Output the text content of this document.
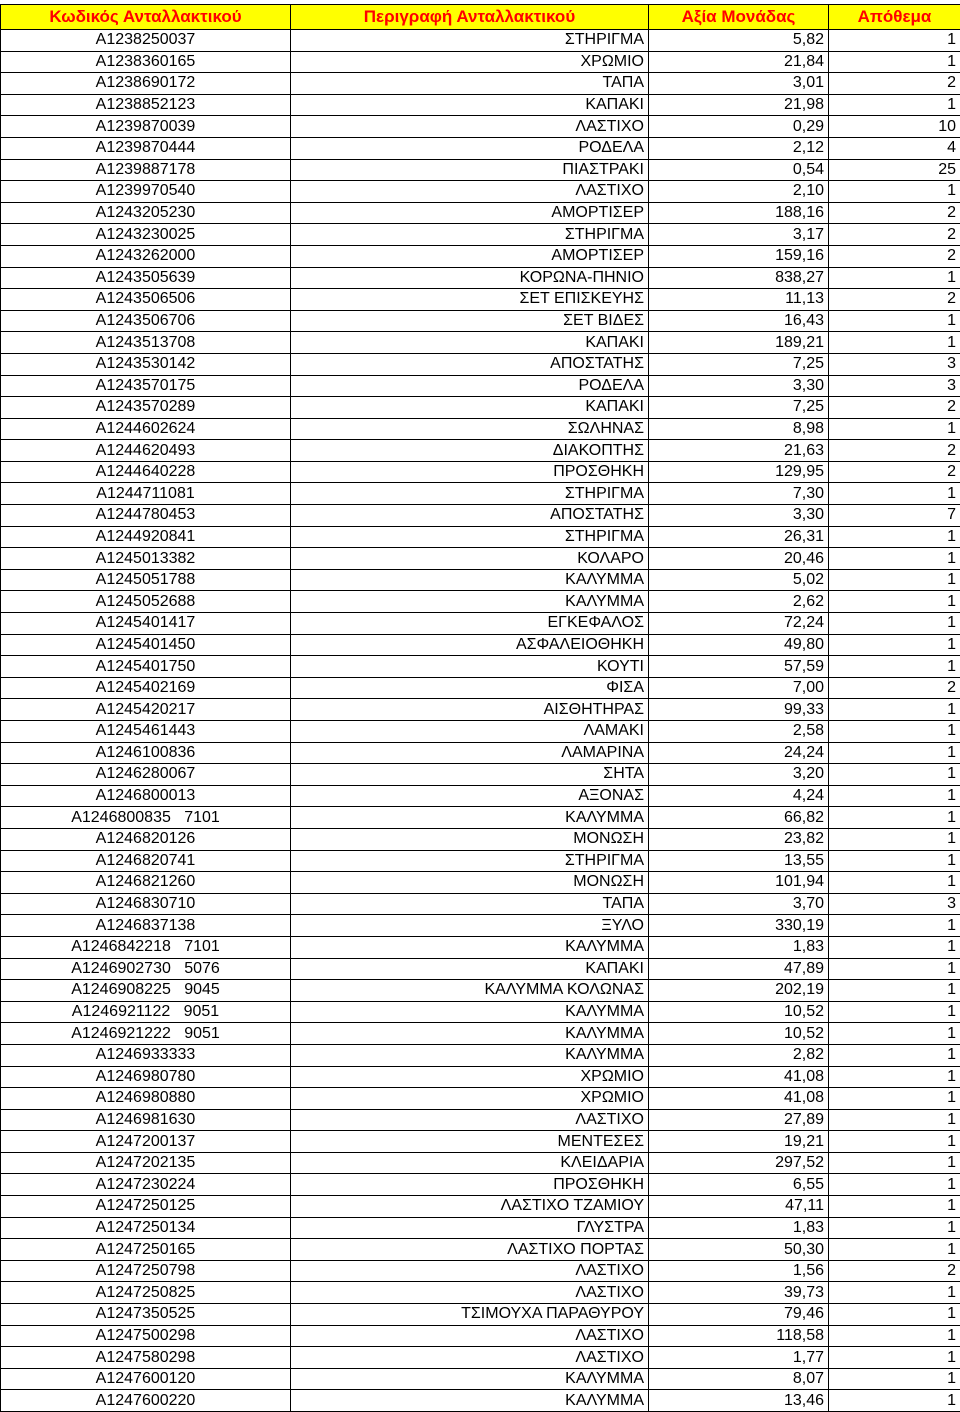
Κωδικός Ανταλλακτικού	Περιγραφή Ανταλλακτικού	Αξία Μονάδας	Απόθεμα
A1238250037	ΣΤΗΡΙΓΜΑ	5,82	1
A1238360165	ΧΡΩΜΙΟ	21,84	1
A1238690172	ΤΑΠΑ	3,01	2
A1238852123	ΚΑΠΑΚΙ	21,98	1
A1239870039	ΛΑΣΤΙΧΟ	0,29	10
A1239870444	ΡΟΔΕΛΑ	2,12	4
A1239887178	ΠΙΑΣΤΡΑΚΙ	0,54	25
A1239970540	ΛΑΣΤΙΧΟ	2,10	1
A1243205230	ΑΜΟΡΤΙΣΕΡ	188,16	2
A1243230025	ΣΤΗΡΙΓΜΑ	3,17	2
A1243262000	ΑΜΟΡΤΙΣΕΡ	159,16	2
A1243505639	ΚΟΡΩΝΑ-ΠΗΝΙΟ	838,27	1
A1243506506	ΣΕΤ ΕΠΙΣΚΕΥΗΣ	11,13	2
A1243506706	ΣΕΤ ΒΙΔΕΣ	16,43	1
A1243513708	ΚΑΠΑΚΙ	189,21	1
A1243530142	ΑΠΟΣΤΑΤΗΣ	7,25	3
A1243570175	ΡΟΔΕΛΑ	3,30	3
A1243570289	ΚΑΠΑΚΙ	7,25	2
A1244602624	ΣΩΛΗΝΑΣ	8,98	1
A1244620493	ΔΙΑΚΟΠΤΗΣ	21,63	2
A1244640228	ΠΡΟΣΘΗΚΗ	129,95	2
A1244711081	ΣΤΗΡΙΓΜΑ	7,30	1
A1244780453	ΑΠΟΣΤΑΤΗΣ	3,30	7
A1244920841	ΣΤΗΡΙΓΜΑ	26,31	1
A1245013382	ΚΟΛΑΡΟ	20,46	1
A1245051788	ΚΑΛΥΜΜΑ	5,02	1
A1245052688	ΚΑΛΥΜΜΑ	2,62	1
A1245401417	ΕΓΚΕΦΑΛΟΣ	72,24	1
A1245401450	ΑΣΦΑΛΕΙΟΘΗΚΗ	49,80	1
A1245401750	ΚΟΥΤΙ	57,59	1
A1245402169	ΦΙΣΑ	7,00	2
A1245420217	ΑΙΣΘΗΤΗΡΑΣ	99,33	1
A1245461443	ΛΑΜΑΚΙ	2,58	1
A1246100836	ΛΑΜΑΡΙΝΑ	24,24	1
A1246280067	ΣΗΤΑ	3,20	1
A1246800013	ΑΞΟΝΑΣ	4,24	1
A1246800835   7101	ΚΑΛΥΜΜΑ	66,82	1
A1246820126	ΜΟΝΩΣΗ	23,82	1
A1246820741	ΣΤΗΡΙΓΜΑ	13,55	1
A1246821260	ΜΟΝΩΣΗ	101,94	1
A1246830710	ΤΑΠΑ	3,70	3
A1246837138	ΞΥΛΟ	330,19	1
A1246842218   7101	ΚΑΛΥΜΜΑ	1,83	1
A1246902730   5076	ΚΑΠΑΚΙ	47,89	1
A1246908225   9045	ΚΑΛΥΜΜΑ ΚΟΛΩΝΑΣ	202,19	1
A1246921122   9051	ΚΑΛΥΜΜΑ	10,52	1
A1246921222   9051	ΚΑΛΥΜΜΑ	10,52	1
A1246933333	ΚΑΛΥΜΜΑ	2,82	1
A1246980780	ΧΡΩΜΙΟ	41,08	1
A1246980880	ΧΡΩΜΙΟ	41,08	1
A1246981630	ΛΑΣΤΙΧΟ	27,89	1
A1247200137	ΜΕΝΤΕΣΕΣ	19,21	1
A1247202135	ΚΛΕΙΔΑΡΙΑ	297,52	1
A1247230224	ΠΡΟΣΘΗΚΗ	6,55	1
A1247250125	ΛΑΣΤΙΧΟ ΤΖΑΜΙΟΥ	47,11	1
A1247250134	ΓΛΥΣΤΡΑ	1,83	1
A1247250165	ΛΑΣΤΙΧΟ ΠΟΡΤΑΣ	50,30	1
A1247250798	ΛΑΣΤΙΧΟ	1,56	2
A1247250825	ΛΑΣΤΙΧΟ	39,73	1
A1247350525	ΤΣΙΜΟΥΧΑ ΠΑΡΑΘΥΡΟΥ	79,46	1
A1247500298	ΛΑΣΤΙΧΟ	118,58	1
A1247580298	ΛΑΣΤΙΧΟ	1,77	1
A1247600120	ΚΑΛΥΜΜΑ	8,07	1
A1247600220	ΚΑΛΥΜΜΑ	13,46	1
